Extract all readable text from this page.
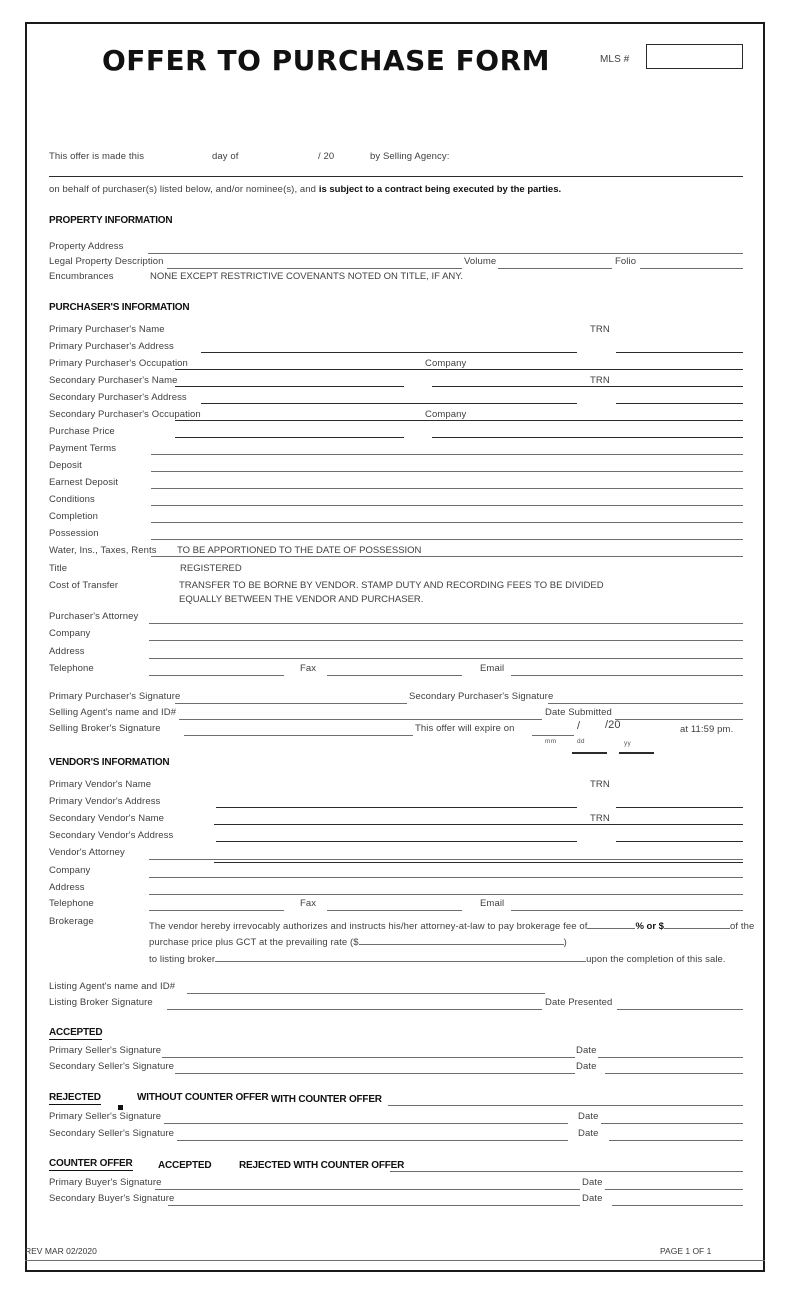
OFFER TO PURCHASE FORM	MLS #
This offer is made this	day of	/ 20	by Selling Agency:
on behalf of purchaser(s) listed below, and/or nominee(s), and is subject to a contract being executed by the parties.
PROPERTY INFORMATION
Property Address
Legal Property Description	Volume	Folio
Encumbrances	NONE EXCEPT RESTRICTIVE COVENANTS NOTED ON TITLE, IF ANY.
PURCHASER'S INFORMATION
Primary Purchaser's Name	TRN
Primary Purchaser's Address
Primary Purchaser's Occupation	Company
Secondary Purchaser's Name	TRN
Secondary Purchaser's Address
Secondary Purchaser's Occupation	Company
Purchase Price
Payment Terms
Deposit
Earnest Deposit
Conditions
Completion
Possession
Water, Ins., Taxes, Rents TO BE APPORTIONED TO THE DATE OF POSSESSION
Title	REGISTERED
Cost of Transfer	TRANSFER TO BE BORNE BY VENDOR. STAMP DUTY AND RECORDING FEES TO BE DIVIDED
EQUALLY BETWEEN THE VENDOR AND PURCHASER.
Purchaser's Attorney
Company
Address
Telephone	Fax	Email
Primary Purchaser's Signature	Secondary Purchaser's Signature
Selling Agent's name and ID#	Date Submitted
Selling Broker's Signature	This offer will expire on	/ /20	at 11:59 pm.
mm	dd	yy
VENDOR'S INFORMATION
Primary Vendor's Name	TRN
Primary Vendor's Address
Secondary Vendor's Name	TRN
Secondary Vendor's Address
Vendor's Attorney
Company
Address
Telephone	Fax	Email
Brokerage	The vendor hereby irrevocably authorizes and instructs his/her attorney-at-law to pay brokerage fee of	% or $	of the
purchase price plus GCT at the prevailing rate ($	)
to listing broker	upon the completion of this sale.
Listing Agent's name and ID#
Listing Broker Signature	Date Presented
ACCEPTED
Primary Seller's Signature	Date
Secondary Seller's Signature	Date
REJECTED	WITHOUT COUNTER OFFER WITH COUNTER OFFER
Primary Seller's Signature	Date
Secondary Seller's Signature	Date
COUNTER OFFER	ACCEPTED	REJECTED WITH COUNTER OFFER
Primary Buyer's Signature	Date
Secondary Buyer's Signature	Date
REV MAR 02/2020	PAGE 1 OF 1
